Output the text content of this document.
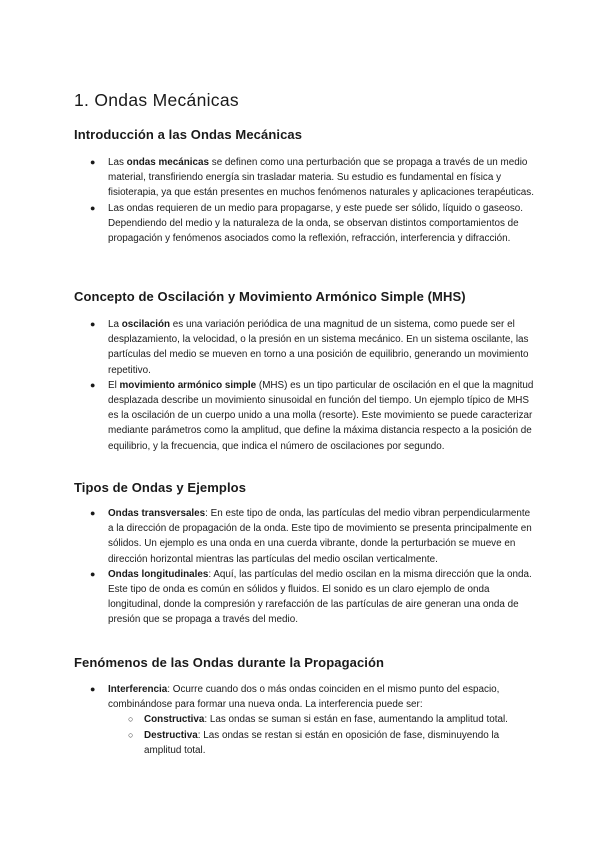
1. Ondas Mecánicas
Introducción a las Ondas Mecánicas
● Las ondas mecánicas se definen como una perturbación que se propaga a través de un medio material, transfiriendo energía sin trasladar materia. Su estudio es fundamental en física y fisioterapia, ya que están presentes en muchos fenómenos naturales y aplicaciones terapéuticas.
● Las ondas requieren de un medio para propagarse, y este puede ser sólido, líquido o gaseoso. Dependiendo del medio y la naturaleza de la onda, se observan distintos comportamientos de propagación y fenómenos asociados como la reflexión, refracción, interferencia y difracción.
Concepto de Oscilación y Movimiento Armónico Simple (MHS)
● La oscilación es una variación periódica de una magnitud de un sistema, como puede ser el desplazamiento, la velocidad, o la presión en un sistema mecánico. En un sistema oscilante, las partículas del medio se mueven en torno a una posición de equilibrio, generando un movimiento repetitivo.
● El movimiento armónico simple (MHS) es un tipo particular de oscilación en el que la magnitud desplazada describe un movimiento sinusoidal en función del tiempo. Un ejemplo típico de MHS es la oscilación de un cuerpo unido a una molla (resorte). Este movimiento se puede caracterizar mediante parámetros como la amplitud, que define la máxima distancia respecto a la posición de equilibrio, y la frecuencia, que indica el número de oscilaciones por segundo.
Tipos de Ondas y Ejemplos
● Ondas transversales: En este tipo de onda, las partículas del medio vibran perpendicularmente a la dirección de propagación de la onda. Este tipo de movimiento se presenta principalmente en sólidos. Un ejemplo es una onda en una cuerda vibrante, donde la perturbación se mueve en dirección horizontal mientras las partículas del medio oscilan verticalmente.
● Ondas longitudinales: Aquí, las partículas del medio oscilan en la misma dirección que la onda. Este tipo de onda es común en sólidos y fluidos. El sonido es un claro ejemplo de onda longitudinal, donde la compresión y rarefacción de las partículas de aire generan una onda de presión que se propaga a través del medio.
Fenómenos de las Ondas durante la Propagación
● Interferencia: Ocurre cuando dos o más ondas coinciden en el mismo punto del espacio, combinándose para formar una nueva onda. La interferencia puede ser:
○ Constructiva: Las ondas se suman si están en fase, aumentando la amplitud total.
○ Destructiva: Las ondas se restan si están en oposición de fase, disminuyendo la amplitud total.
